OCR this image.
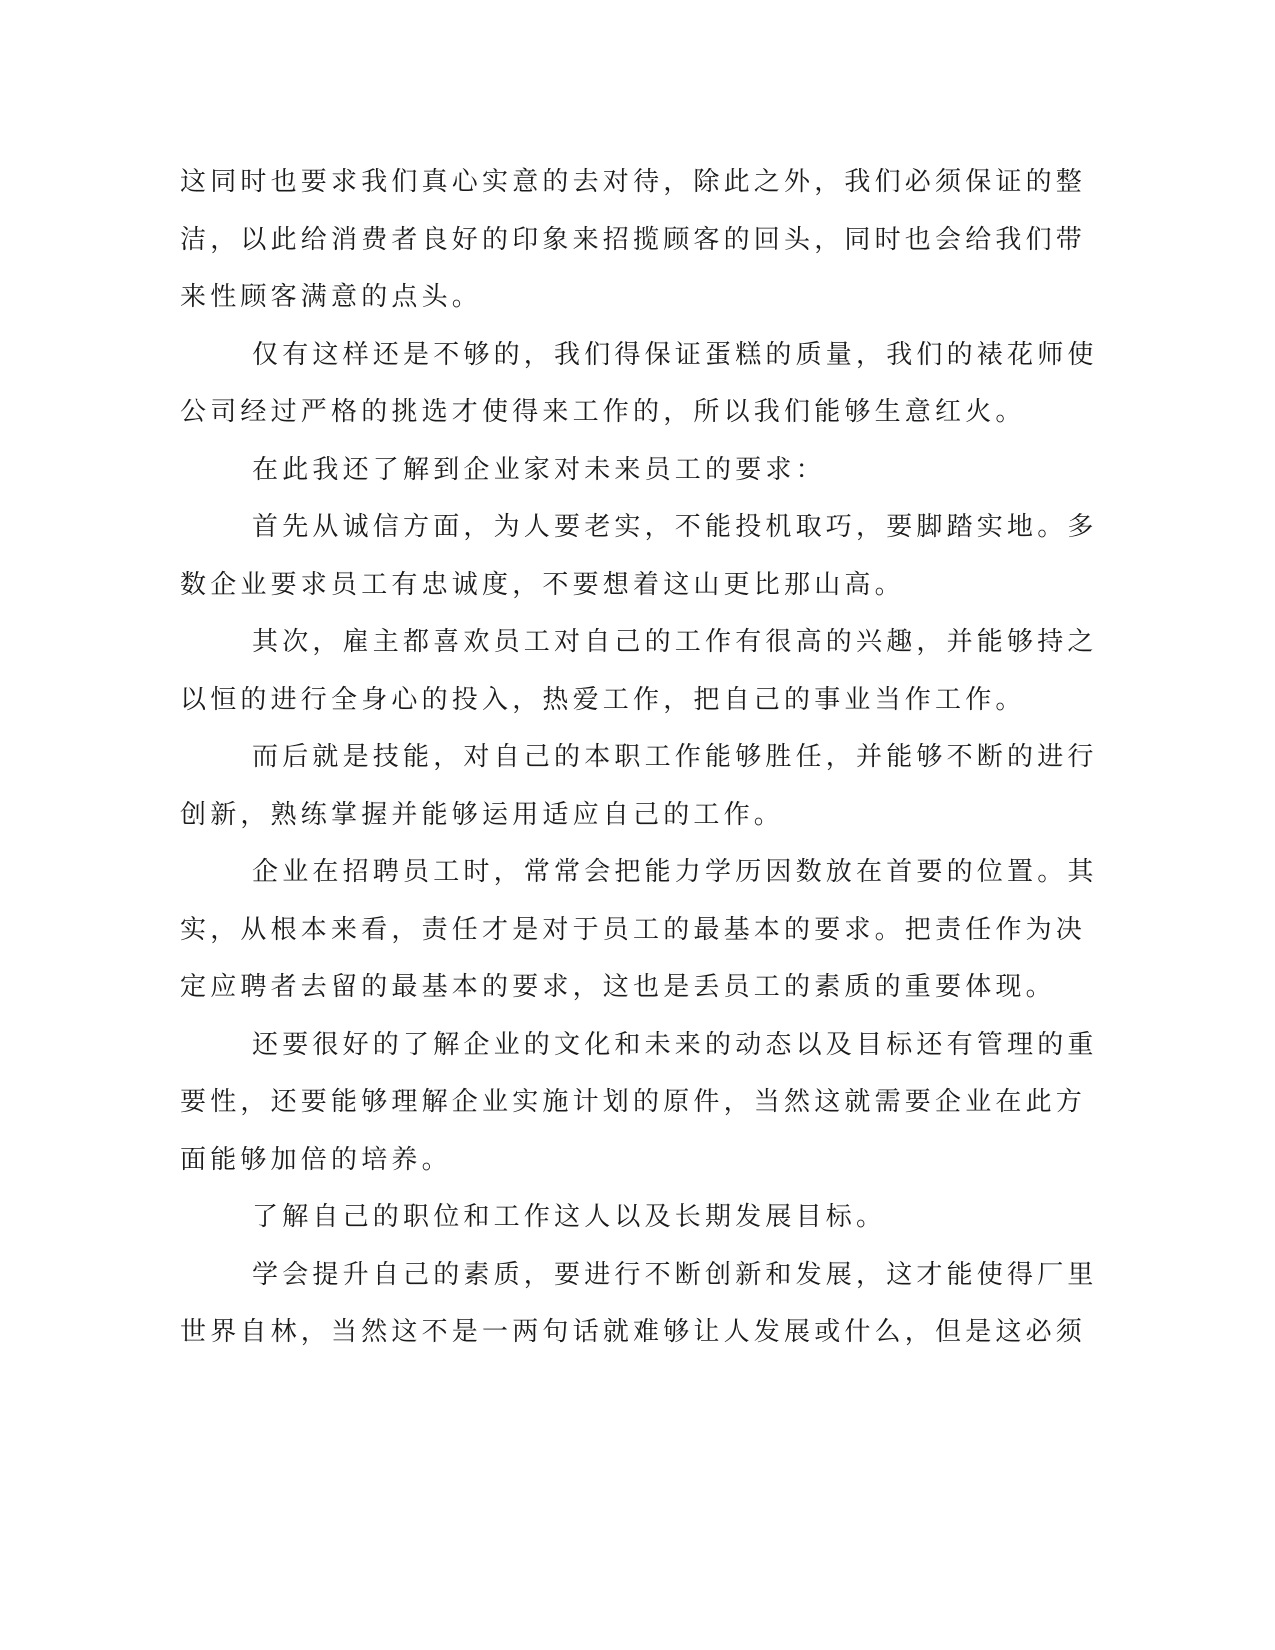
这同时也要求我们真心实意的去对待，除此之外，我们必须保证的整
洁，以此给消费者良好的印象来招揽顾客的回头，同时也会给我们带
来性顾客满意的点头。
仅有这样还是不够的，我们得保证蛋糕的质量，我们的裱花师使
公司经过严格的挑选才使得来工作的，所以我们能够生意红火。
在此我还了解到企业家对未来员工的要求：
首先从诚信方面，为人要老实，不能投机取巧，要脚踏实地。多
数企业要求员工有忠诚度，不要想着这山更比那山高。
其次，雇主都喜欢员工对自己的工作有很高的兴趣，并能够持之
以恒的进行全身心的投入，热爱工作，把自己的事业当作工作。
而后就是技能，对自己的本职工作能够胜任，并能够不断的进行
创新，熟练掌握并能够运用适应自己的工作。
企业在招聘员工时，常常会把能力学历因数放在首要的位置。其
实，从根本来看，责任才是对于员工的最基本的要求。把责任作为决
定应聘者去留的最基本的要求，这也是丢员工的素质的重要体现。
还要很好的了解企业的文化和未来的动态以及目标还有管理的重
要性，还要能够理解企业实施计划的原件，当然这就需要企业在此方
面能够加倍的培养。
了解自己的职位和工作这人以及长期发展目标。
学会提升自己的素质，要进行不断创新和发展，这才能使得厂里
世界自林，当然这不是一两句话就难够让人发展或什么，但是这必须
